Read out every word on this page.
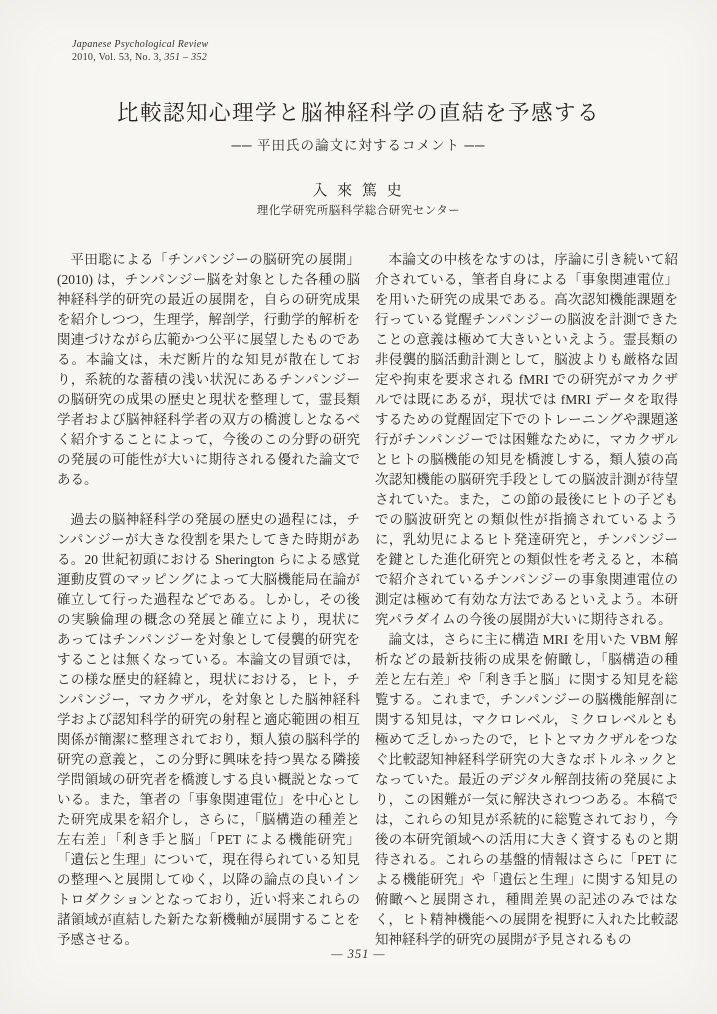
Japanese Psychological Review
2010, Vol. 53, No. 3, 351 – 352
比較認知心理学と脳神経科学の直結を予感する
── 平田氏の論文に対するコメント ──
入 來 篤 史
理化学研究所脳科学総合研究センター

平田聡による「チンパンジーの脳研究の展開」(2010) は，チンパンジー脳を対象とした各種の脳神経科学的研究の最近の展開を，自らの研究成果を紹介しつつ，生理学，解剖学，行動学的解析を関連づけながら広範かつ公平に展望したものである。本論文は，未だ断片的な知見が散在しており，系統的な蓄積の浅い状況にあるチンパンジーの脳研究の成果の歴史と現状を整理して，霊長類学者および脳神経科学者の双方の橋渡しとなるべく紹介することによって，今後のこの分野の研究の発展の可能性が大いに期待される優れた論文である。

過去の脳神経科学の発展の歴史の過程には，チンパンジーが大きな役割を果たしてきた時期がある。20 世紀初頭における Sherington らによる感覚運動皮質のマッピングによって大脳機能局在論が確立して行った過程などである。しかし，その後の実験倫理の概念の発展と確立により，現状にあってはチンパンジーを対象として侵襲的研究をすることは無くなっている。本論文の冒頭では，この様な歴史的経緯と，現状における，ヒト，チンパンジー，マカクザル，を対象とした脳神経科学および認知科学的研究の射程と適応範囲の相互関係が簡潔に整理されており，類人猿の脳科学的研究の意義と，この分野に興味を持つ異なる隣接学問領域の研究者を橋渡しする良い概説となっている。また，筆者の「事象関連電位」を中心とした研究成果を紹介し，さらに，「脳構造の種差と左右差」「利き手と脳」「PET による機能研究」「遺伝と生理」について，現在得られている知見の整理へと展開してゆく，以降の論点の良いイントロダクションとなっており，近い将来これらの諸領域が直結した新たな新機軸が展開することを予感させる。

本論文の中核をなすのは，序論に引き続いて紹介されている，筆者自身による「事象関連電位」を用いた研究の成果である。高次認知機能課題を行っている覚醒チンパンジーの脳波を計測できたことの意義は極めて大きいといえよう。霊長類の非侵襲的脳活動計測として，脳波よりも厳格な固定や拘束を要求される fMRI での研究がマカクザルでは既にあるが，現状では fMRI データを取得するための覚醒固定下でのトレーニングや課題遂行がチンパンジーでは困難なために，マカクザルとヒトの脳機能の知見を橋渡しする，類人猿の高次認知機能の脳研究手段としての脳波計測が待望されていた。また，この節の最後にヒトの子どもでの脳波研究との類似性が指摘されているように，乳幼児によるヒト発達研究と，チンパンジーを鍵とした進化研究との類似性を考えると，本稿で紹介されているチンパンジーの事象関連電位の測定は極めて有効な方法であるといえよう。本研究パラダイムの今後の展開が大いに期待される。

論文は，さらに主に構造 MRI を用いた VBM 解析などの最新技術の成果を俯瞰し，「脳構造の種差と左右差」や「利き手と脳」に関する知見を総覧する。これまで，チンパンジーの脳機能解剖に関する知見は，マクロレベル，ミクロレベルとも極めて乏しかったので，ヒトとマカクザルをつなぐ比較認知神経科学研究の大きなボトルネックとなっていた。最近のデジタル解剖技術の発展により，この困難が一気に解決されつつある。本稿では，これらの知見が系統的に総覧されており，今後の本研究領域への活用に大きく資するものと期待される。これらの基盤的情報はさらに「PET による機能研究」や「遺伝と生理」に関する知見の俯瞰へと展開され，種間差異の記述のみではなく，ヒト精神機能への展開を視野に入れた比較認知神経科学的研究の展開が予見されるもの

— 351 —
